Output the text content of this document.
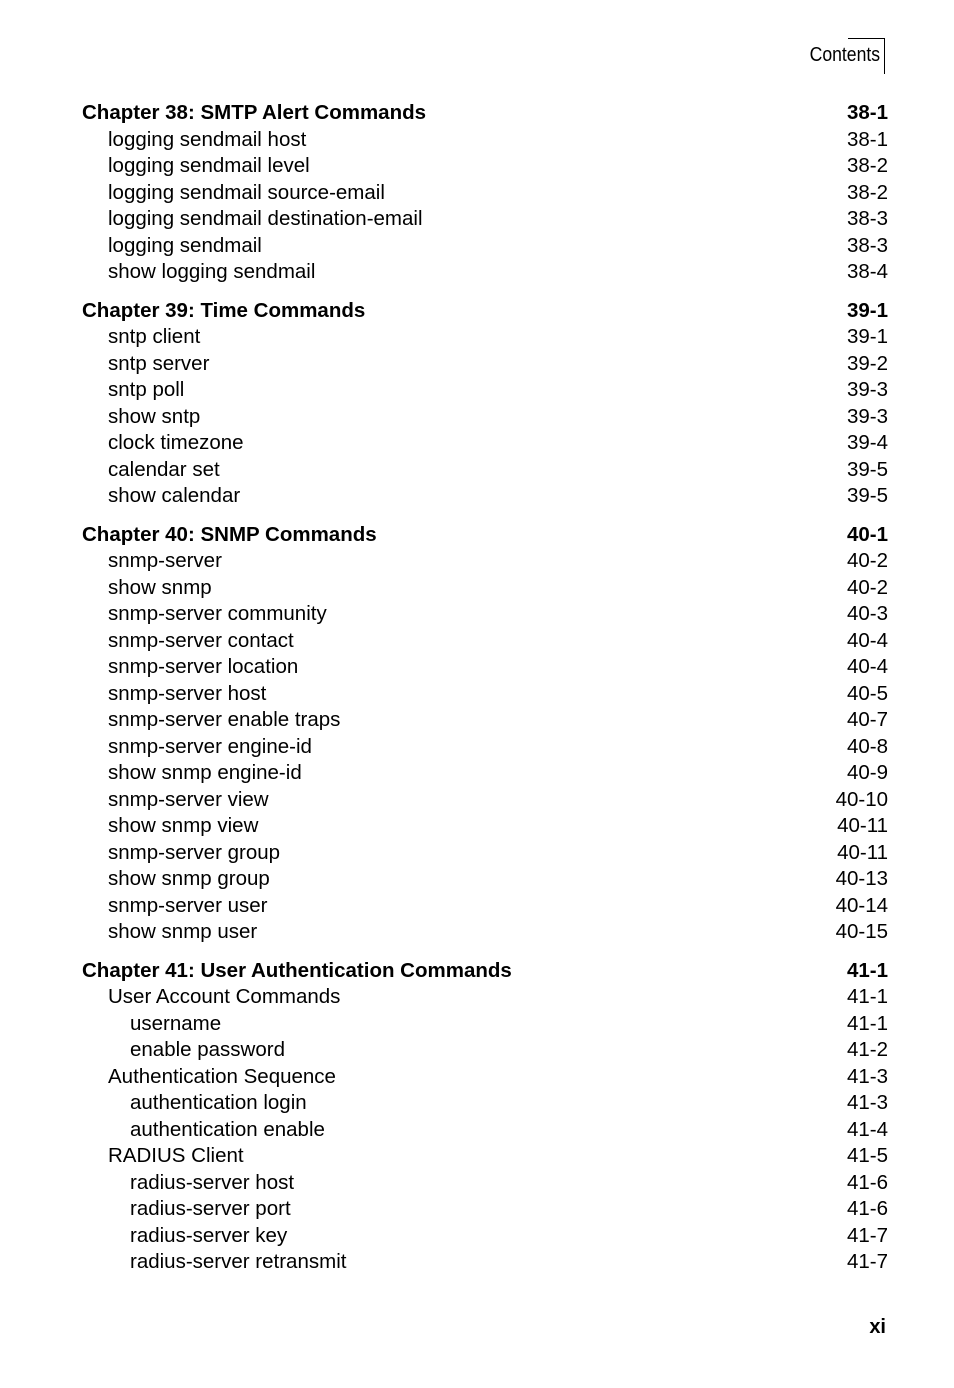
Contents
Chapter 38: SMTP Alert Commands	38-1
logging sendmail host	38-1
logging sendmail level	38-2
logging sendmail source-email	38-2
logging sendmail destination-email	38-3
logging sendmail	38-3
show logging sendmail	38-4
Chapter 39: Time Commands	39-1
sntp client	39-1
sntp server	39-2
sntp poll	39-3
show sntp	39-3
clock timezone	39-4
calendar set	39-5
show calendar	39-5
Chapter 40: SNMP Commands	40-1
snmp-server	40-2
show snmp	40-2
snmp-server community	40-3
snmp-server contact	40-4
snmp-server location	40-4
snmp-server host	40-5
snmp-server enable traps	40-7
snmp-server engine-id	40-8
show snmp engine-id	40-9
snmp-server view	40-10
show snmp view	40-11
snmp-server group	40-11
show snmp group	40-13
snmp-server user	40-14
show snmp user	40-15
Chapter 41: User Authentication Commands	41-1
User Account Commands	41-1
username	41-1
enable password	41-2
Authentication Sequence	41-3
authentication login	41-3
authentication enable	41-4
RADIUS Client	41-5
radius-server host	41-6
radius-server port	41-6
radius-server key	41-7
radius-server retransmit	41-7
xi
